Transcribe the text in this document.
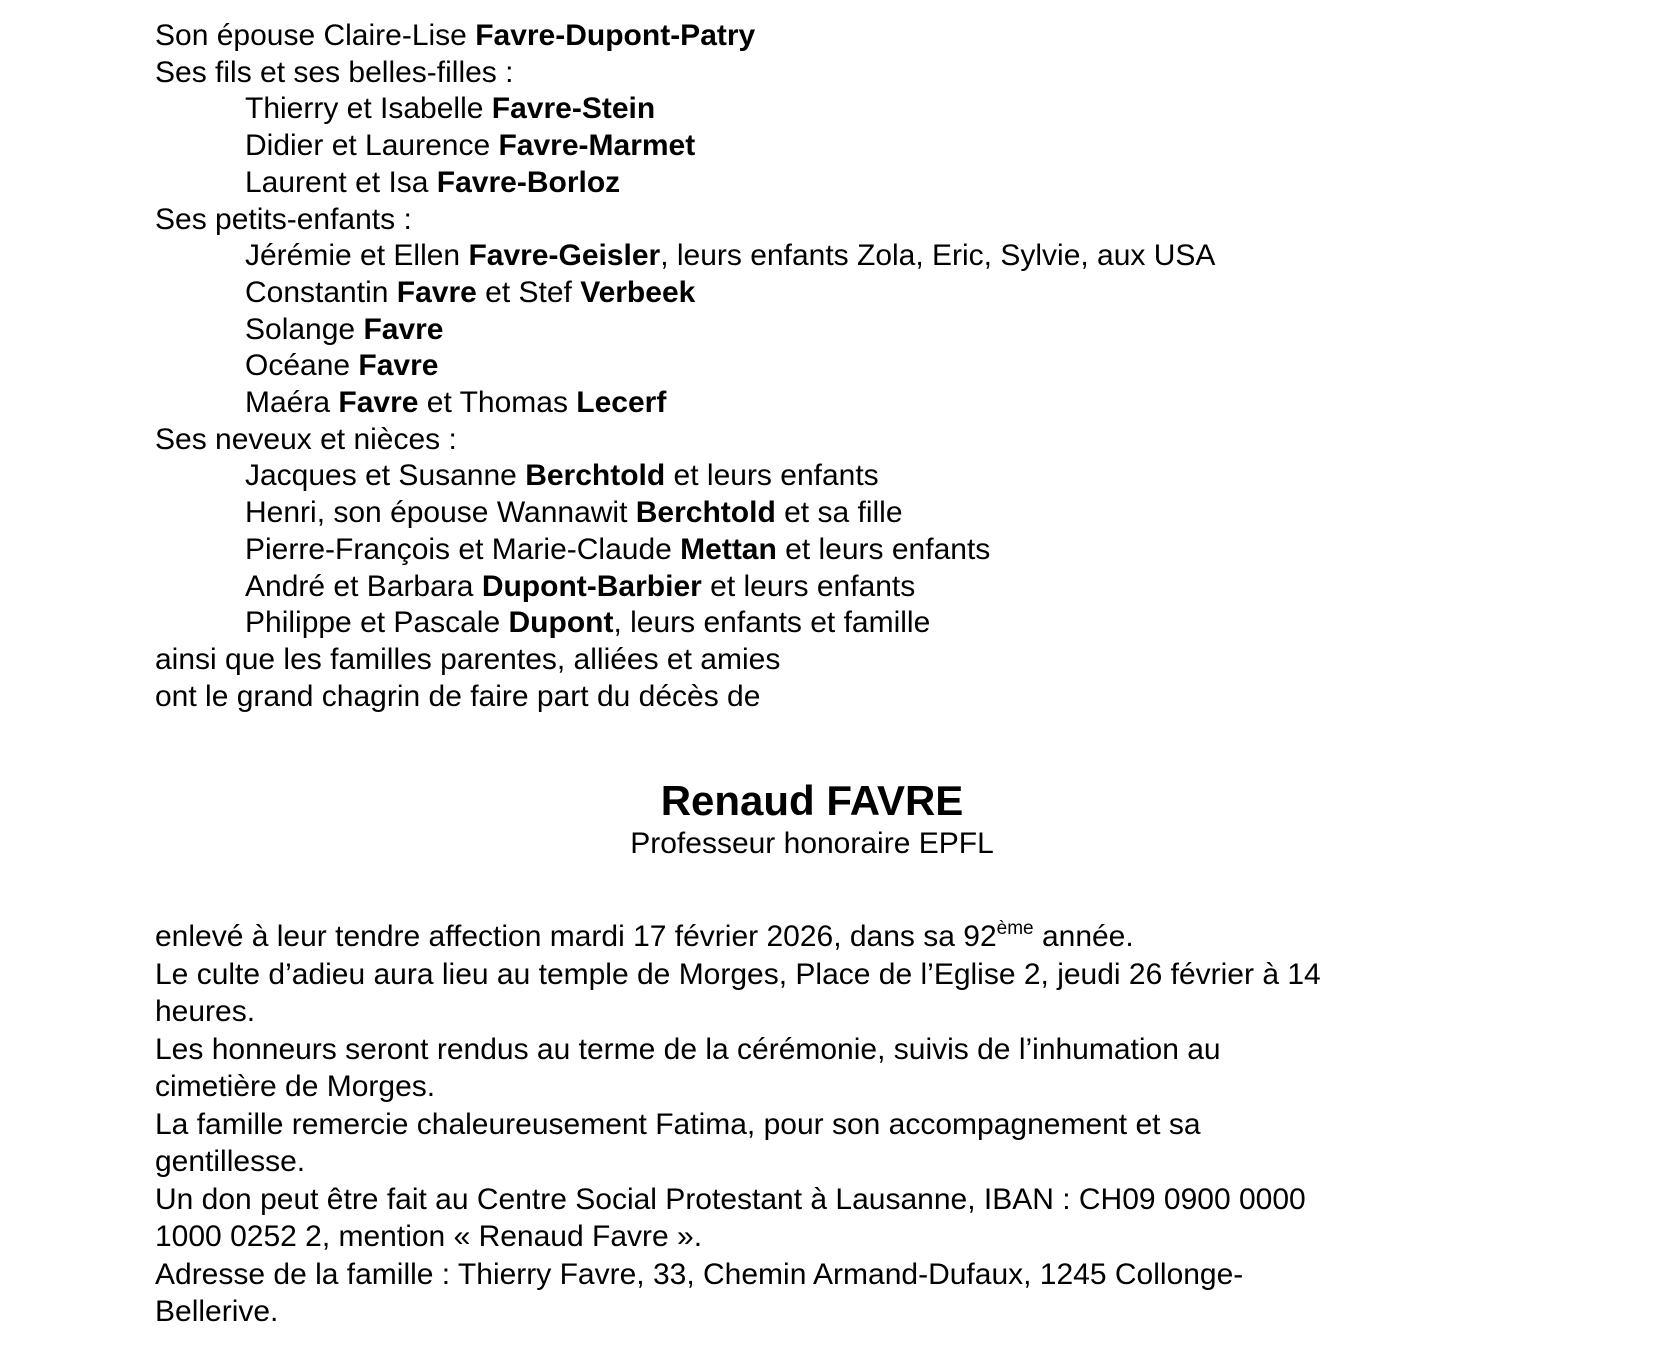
Son épouse Claire-Lise Favre-Dupont-Patry
Ses fils et ses belles-filles :
Thierry et Isabelle Favre-Stein
Didier et Laurence Favre-Marmet
Laurent et Isa Favre-Borloz
Ses petits-enfants :
Jérémie et Ellen Favre-Geisler, leurs enfants Zola, Eric, Sylvie, aux USA
Constantin Favre et Stef Verbeek
Solange Favre
Océane Favre
Maéra Favre et Thomas Lecerf
Ses neveux et nièces :
Jacques et Susanne Berchtold et leurs enfants
Henri, son épouse Wannawit Berchtold et sa fille
Pierre-François et Marie-Claude Mettan et leurs enfants
André et Barbara Dupont-Barbier et leurs enfants
Philippe et Pascale Dupont, leurs enfants et famille
ainsi que les familles parentes, alliées et amies
ont le grand chagrin de faire part du décès de
Renaud FAVRE
Professeur honoraire EPFL
enlevé à leur tendre affection mardi 17 février 2026, dans sa 92ème année.
Le culte d’adieu aura lieu au temple de Morges, Place de l’Eglise 2, jeudi 26 février à 14
heures.
Les honneurs seront rendus au terme de la cérémonie, suivis de l’inhumation au
cimetière de Morges.
La famille remercie chaleureusement Fatima, pour son accompagnement et sa
gentillesse.
Un don peut être fait au Centre Social Protestant à Lausanne, IBAN : CH09 0900 0000
1000 0252 2, mention « Renaud Favre ».
Adresse de la famille : Thierry Favre, 33, Chemin Armand-Dufaux, 1245 Collonge-
Bellerive.
